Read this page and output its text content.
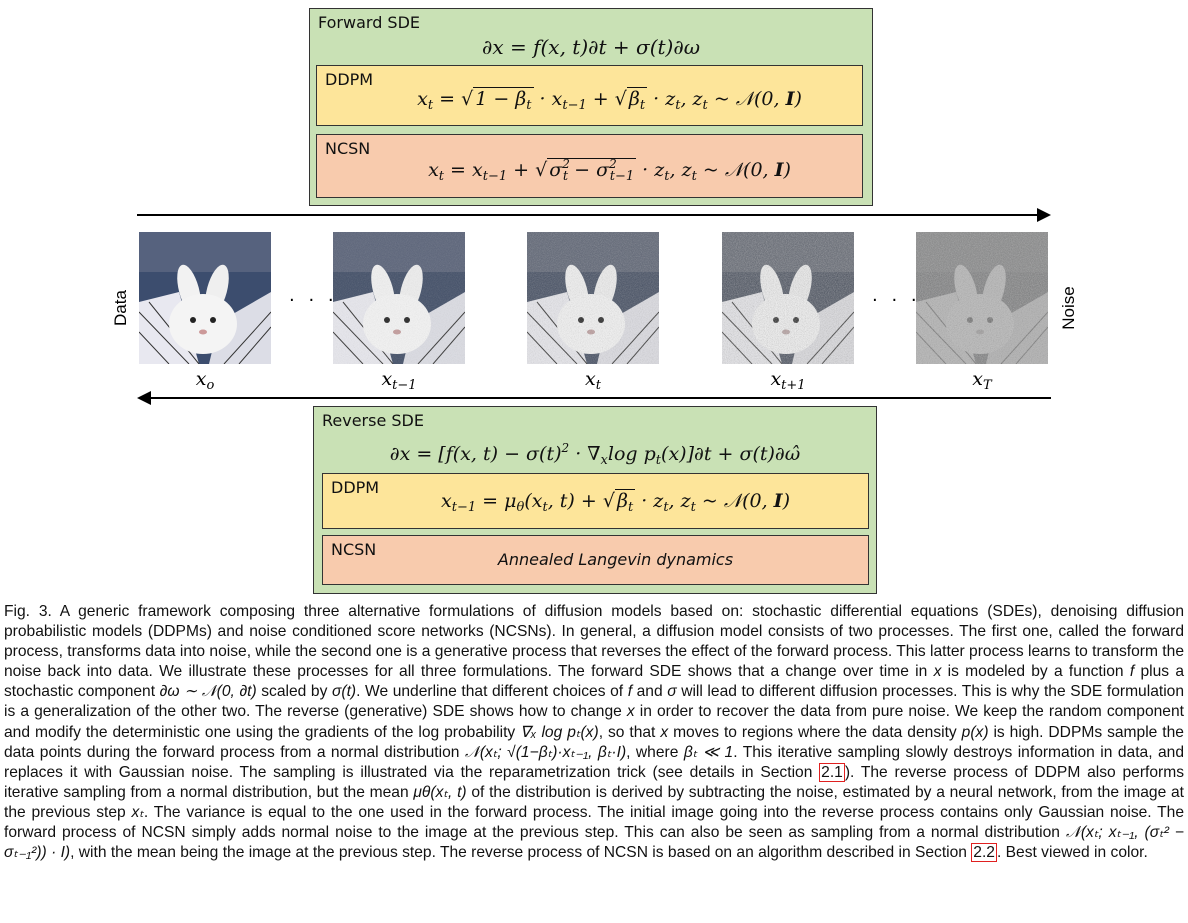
Forward SDE
∂x = f(x, t)∂t + σ(t)∂ω
DDPM
$x_t$ = √ $1 - \beta_t \cdot x_{t-1}$ + √ $\beta_t \cdot z_t$, $z_t$ ~ 𝒩(0, I)
NCSN
$x_t = x_{t-1}$ + √ $\sigma^2_t - \sigma^2_{t-1} \cdot z_t$, $z_t$ ~ 𝒩(0, I)
Data	Noise
· · ·	· · ·
$x_o$	$x_{t-1}$	$x_t$	$x_{t+1}$	$x_T$
Reverse SDE
∂x = [f(x, $t) - \sigma(t)^2 \cdot \nabla_x\log$ $p_t(x)]\partial t$ + σ(t)∂ω̂
DDPM
$x_{t-1} = \mu_\theta(x_t$, t) + √ $\beta_t \cdot z_t$, $z_t$ ~ 𝒩(0, I)
NCSN
Annealed Langevin dynamics
Fig. 3. A generic framework composing three alternative formulations of diffusion models based on: stochastic differential equations (SDEs), denoising diffusion probabilistic models (DDPMs) and noise conditioned score networks (NCSNs). In general, a diffusion model consists of two processes. The first one, called the forward process, transforms data into noise, while the second one is a generative process that reverses the effect of the forward process. This latter process learns to transform the noise back into data. We illustrate these processes for all three formulations. The forward SDE shows that a change over time in x is modeled by a function f plus a stochastic component ∂ω ∼ 𝒩(0, ∂t) scaled by σ(t). We underline that different choices of f and σ will lead to different diffusion processes. This is why the SDE formulation is a generalization of the other two. The reverse (generative) SDE shows how to change x in order to recover the data from pure noise. We keep the random component and modify the deterministic one using the gradients of the log probability ∇ₓ log pₜ(x), so that x moves to regions where the data density p(x) is high. DDPMs sample the data points during the forward process from a normal distribution 𝒩(xₜ; √(1−βₜ)·xₜ₋₁, βₜ·I), where βₜ ≪ 1. This iterative sampling slowly destroys information in data, and replaces it with Gaussian noise. The sampling is illustrated via the reparametrization trick (see details in Section 2.1 ). The reverse process of DDPM also performs iterative sampling from a normal distribution, but the mean μθ(xₜ, t) of the distribution is derived by subtracting the noise, estimated by a neural network, from the image at the previous step xₜ. The variance is equal to the one used in the forward process. The initial image going into the reverse process contains only Gaussian noise. The forward process of NCSN simply adds normal noise to the image at the previous step. This can also be seen as sampling from a normal distribution 𝒩(xₜ; xₜ₋₁, (σₜ² − σₜ₋₁²)) · I), with the mean being the image at the previous step. The reverse process of NCSN is based on an algorithm described in Section 2.2 . Best viewed in color.
